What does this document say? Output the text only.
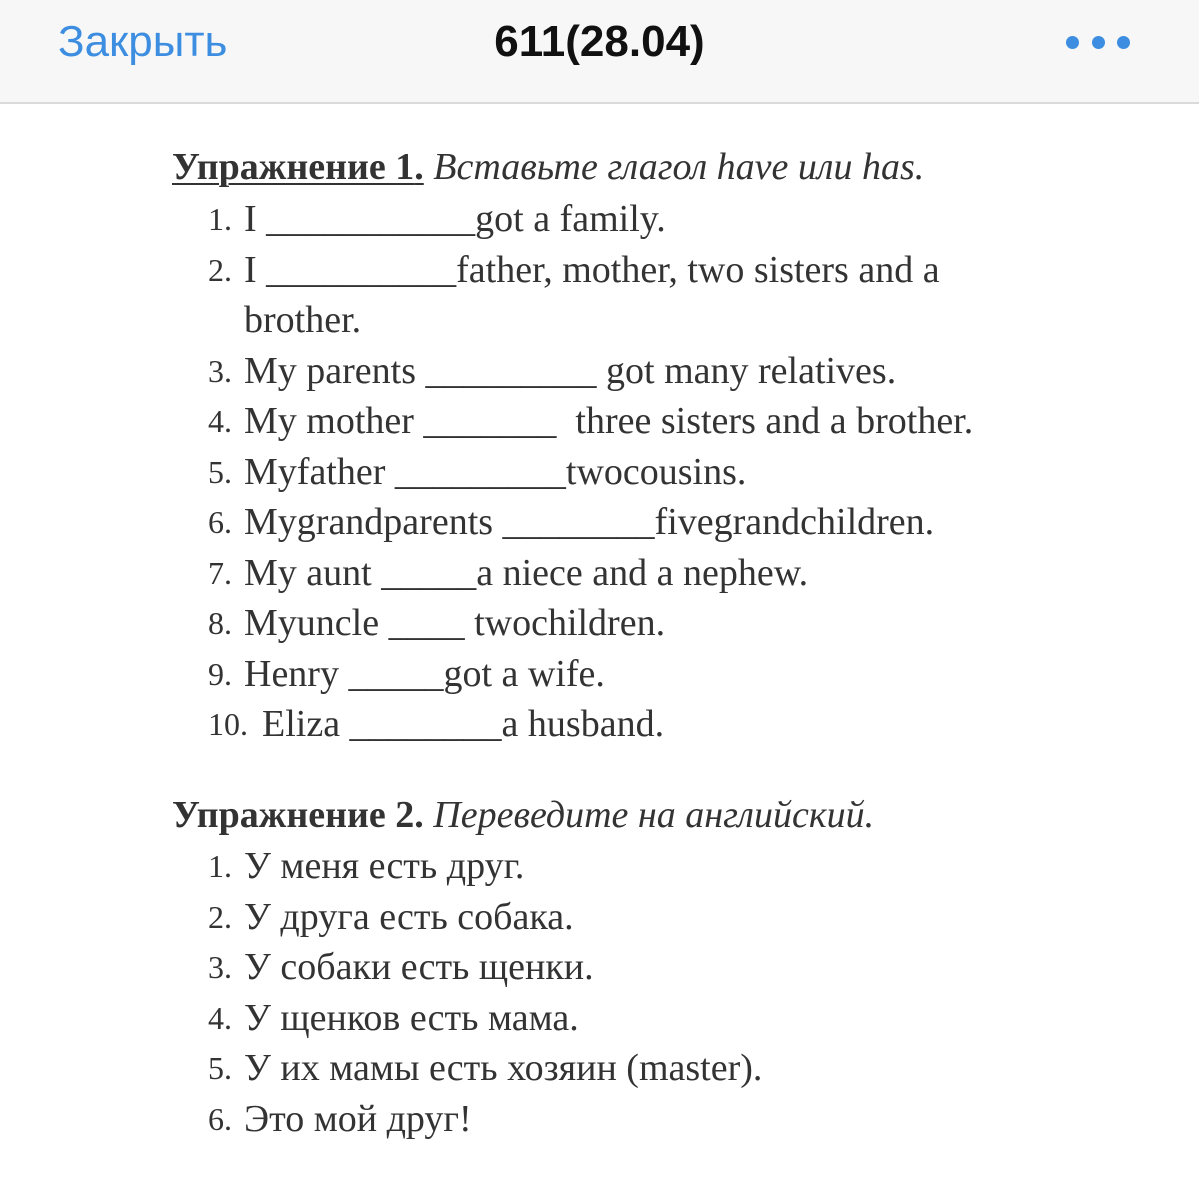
Закрыть	611(28.04)
Упражнение 1. Вставьте глагол have или has.
1. I ___________got a family.
2. I __________father, mother, two sisters and a brother.
3. My parents _________ got many relatives.
4. My mother _______  three sisters and a brother.
5. Myfather _________twocousins.
6. Mygrandparents ________fivegrandchildren.
7. My aunt _____a niece and a nephew.
8. Myuncle ____ twochildren.
9. Henry _____got a wife.
10. Eliza ________a husband.
Упражнение 2. Переведите на английский.
1. У меня есть друг.
2. У друга есть собака.
3. У собаки есть щенки.
4. У щенков есть мама.
5. У их мамы есть хозяин (master).
6. Это мой друг!
